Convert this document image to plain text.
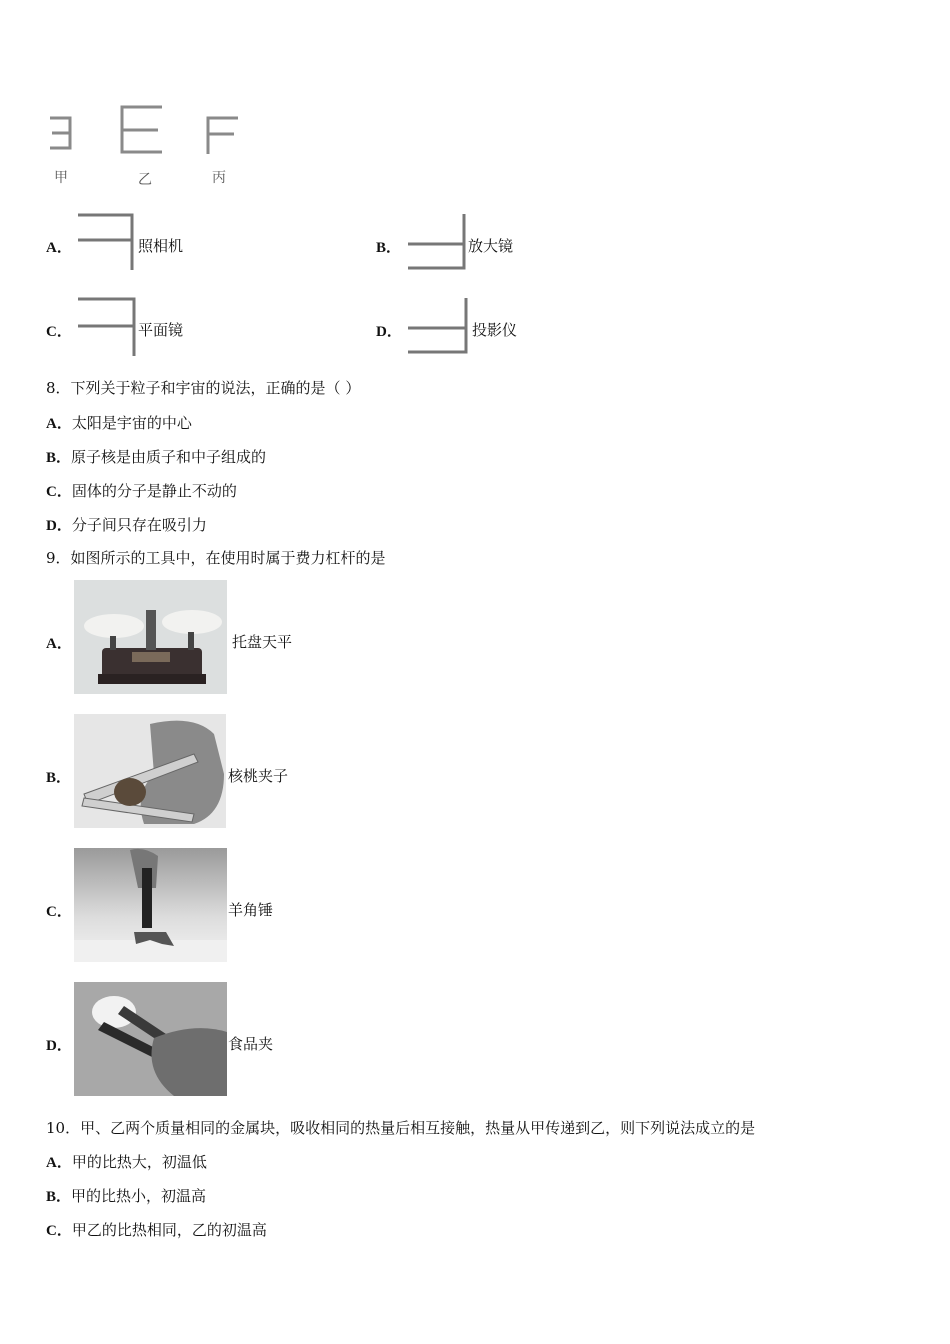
甲	乙	丙
A．	照相机	B．	放大镜
C．	平面镜	D．	投影仪
8．下列关于粒子和宇宙的说法，正确的是（ ）
A．太阳是宇宙的中心
B．原子核是由质子和中子组成的
C．固体的分子是静止不动的
D．分子间只存在吸引力
9．如图所示的工具中，在使用时属于费力杠杆的是
A．	托盘天平
B．	核桃夹子
C．	羊角锤
D．	食品夹
10．甲、乙两个质量相同的金属块，吸收相同的热量后相互接触，热量从甲传递到乙，则下列说法成立的是
A．甲的比热大，初温低
B．甲的比热小，初温高
C．甲乙的比热相同，乙的初温高
